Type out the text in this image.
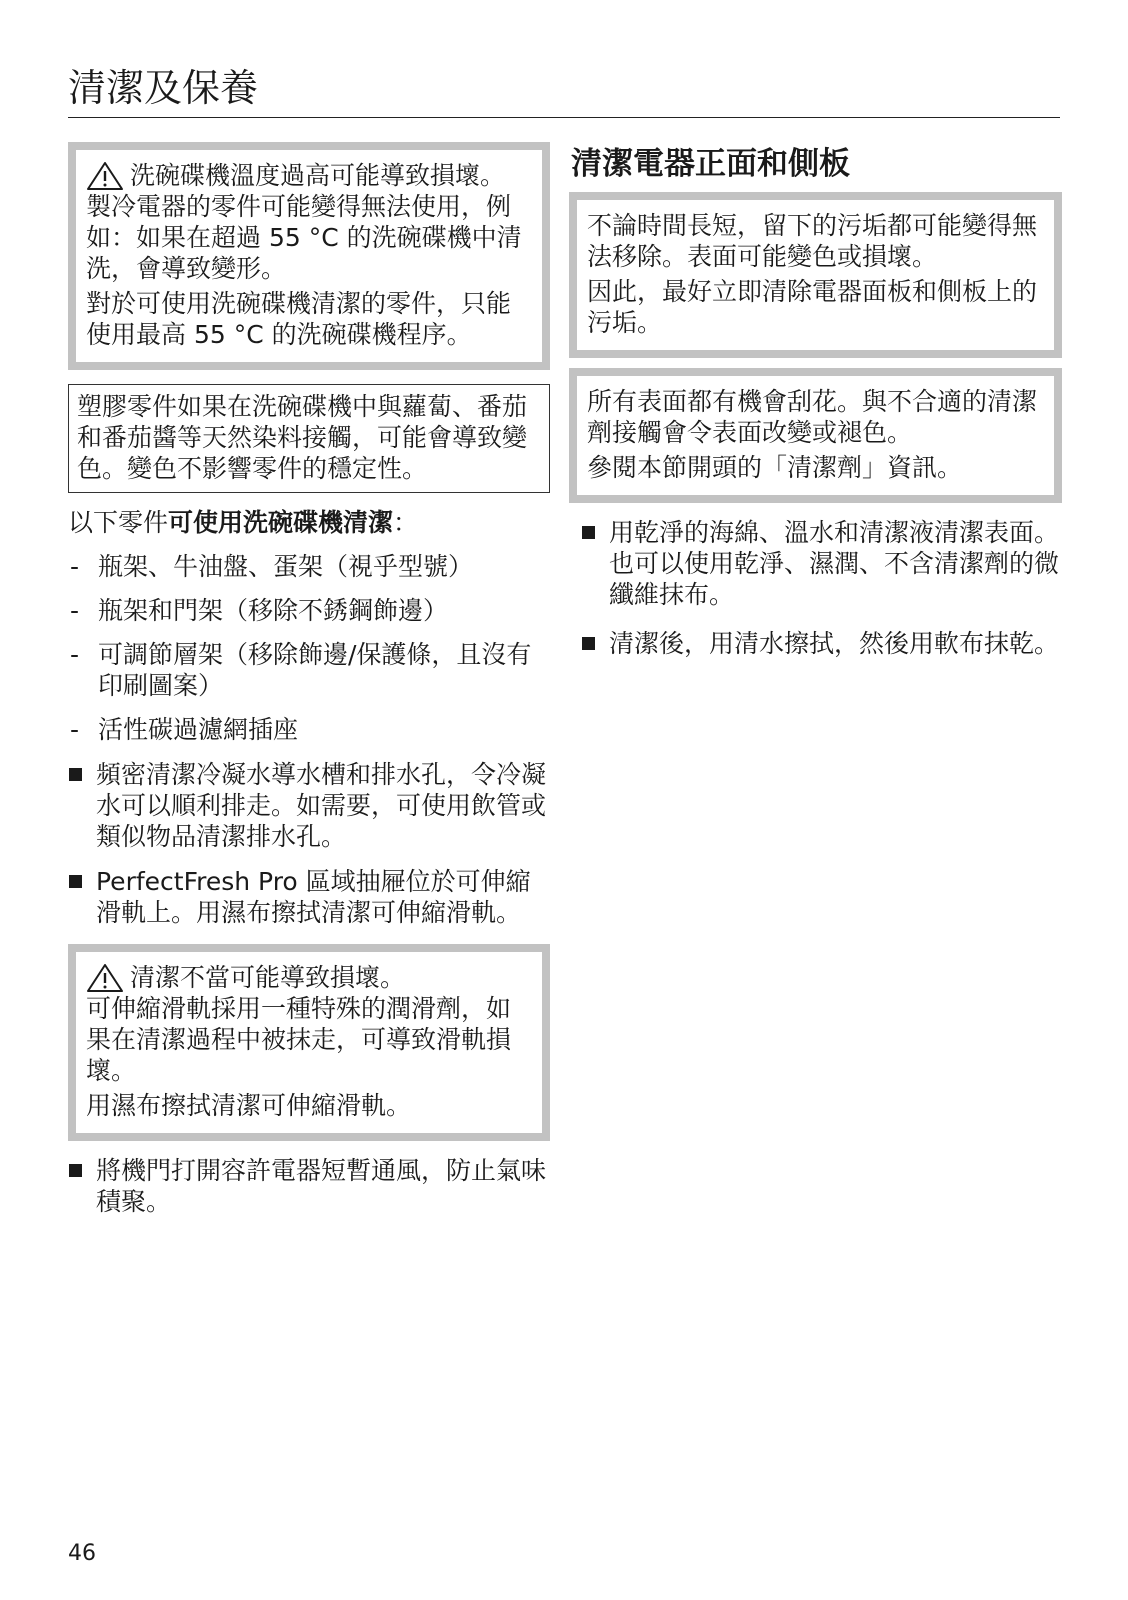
清潔及保養
洗碗碟機溫度過高可能導致損壞。

製冷電器的零件可能變得無法使用，例如：如果在超過 55 °C 的洗碗碟機中清洗，會導致變形。

對於可使用洗碗碟機清潔的零件，只能使用最高 55 °C 的洗碗碟機程序。

塑膠零件如果在洗碗碟機中與蘿蔔、番茄和番茄醬等天然染料接觸，可能會導致變色。變色不影響零件的穩定性。
以下零件可使用洗碗碟機清潔：
- 瓶架、牛油盤、蛋架（視乎型號）
- 瓶架和門架（移除不銹鋼飾邊）
- 可調節層架（移除飾邊/保護條，且沒有印刷圖案）
- 活性碳過濾網插座
頻密清潔冷凝水導水槽和排水孔，令冷凝水可以順利排走。如需要，可使用飲管或類似物品清潔排水孔。
PerfectFresh Pro 區域抽屜位於可伸縮滑軌上。用濕布擦拭清潔可伸縮滑軌。
清潔不當可能導致損壞。

可伸縮滑軌採用一種特殊的潤滑劑，如果在清潔過程中被抹走，可導致滑軌損壞。

用濕布擦拭清潔可伸縮滑軌。

將機門打開容許電器短暫通風，防止氣味積聚。
清潔電器正面和側板

不論時間長短，留下的污垢都可能變得無法移除。表面可能變色或損壞。

因此，最好立即清除電器面板和側板上的污垢。

所有表面都有機會刮花。與不合適的清潔劑接觸會令表面改變或褪色。

參閱本節開頭的「清潔劑」資訊。

用乾淨的海綿、溫水和清潔液清潔表面。也可以使用乾淨、濕潤、不含清潔劑的微纖維抹布。
清潔後，用清水擦拭，然後用軟布抹乾。
46
